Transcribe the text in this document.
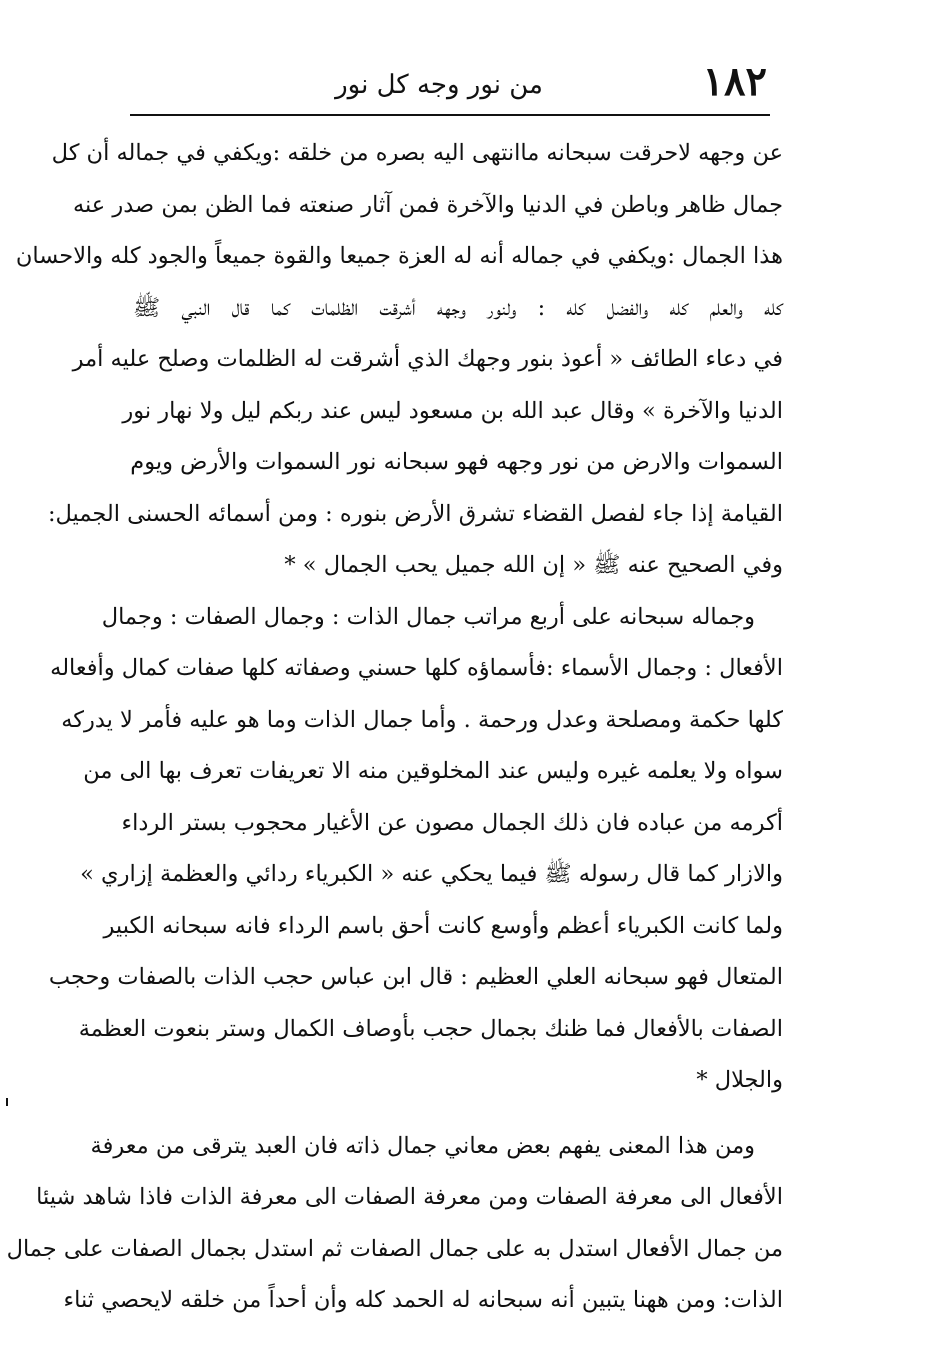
١٨٢
من نور وجه كل نور
عن وجهه لاحرقت سبحانه ماانتهى اليه بصره من خلقه :ويكفي في جماله أن كل
جمال ظاهر وباطن في الدنيا والآخرة فمن آثار صنعته فما الظن بمن صدر عنه
هذا الجمال :ويكفي في جماله أنه له العزة جميعا والقوة جميعاً والجود كله والاحسان
كله والعلم كله والفضل كله : ولنور وجهه أشرقت الظلمات كما قال النبي ﷺ
في دعاء الطائف « أعوذ بنور وجهك الذي أشرقت له الظلمات وصلح عليه أمر
الدنيا والآخرة » وقال عبد الله بن مسعود ليس عند ربكم ليل ولا نهار نور
السموات والارض من نور وجهه فهو سبحانه نور السموات والأرض ويوم
القيامة إذا جاء لفصل القضاء تشرق الأرض بنوره : ومن أسمائه الحسنى الجميل:
وفي الصحيح عنه ﷺ « إن الله جميل يحب الجمال » *
وجماله سبحانه على أربع مراتب جمال الذات : وجمال الصفات : وجمال
الأفعال : وجمال الأسماء :فأسماؤه كلها حسني وصفاته كلها صفات كمال وأفعاله
كلها حكمة ومصلحة وعدل ورحمة . وأما جمال الذات وما هو عليه فأمر لا يدركه
سواه ولا يعلمه غيره وليس عند المخلوقين منه الا تعريفات تعرف بها الى من
أكرمه من عباده فان ذلك الجمال مصون عن الأغيار محجوب بستر الرداء
والازار كما قال رسوله ﷺ فيما يحكي عنه « الكبرياء ردائي والعظمة إزاري »
ولما كانت الكبرياء أعظم وأوسع كانت أحق باسم الرداء فانه سبحانه الكبير
المتعال فهو سبحانه العلي العظيم : قال ابن عباس حجب الذات بالصفات وحجب
الصفات بالأفعال فما ظنك بجمال حجب بأوصاف الكمال وستر بنعوت العظمة
والجلال *
ومن هذا المعنى يفهم بعض معاني جمال ذاته فان العبد يترقى من معرفة
الأفعال الى معرفة الصفات ومن معرفة الصفات الى معرفة الذات فاذا شاهد شيئا
من جمال الأفعال استدل به على جمال الصفات ثم استدل بجمال الصفات على جمال
الذات: ومن ههنا يتبين أنه سبحانه له الحمد كله وأن أحداً من خلقه لايحصي ثناء
